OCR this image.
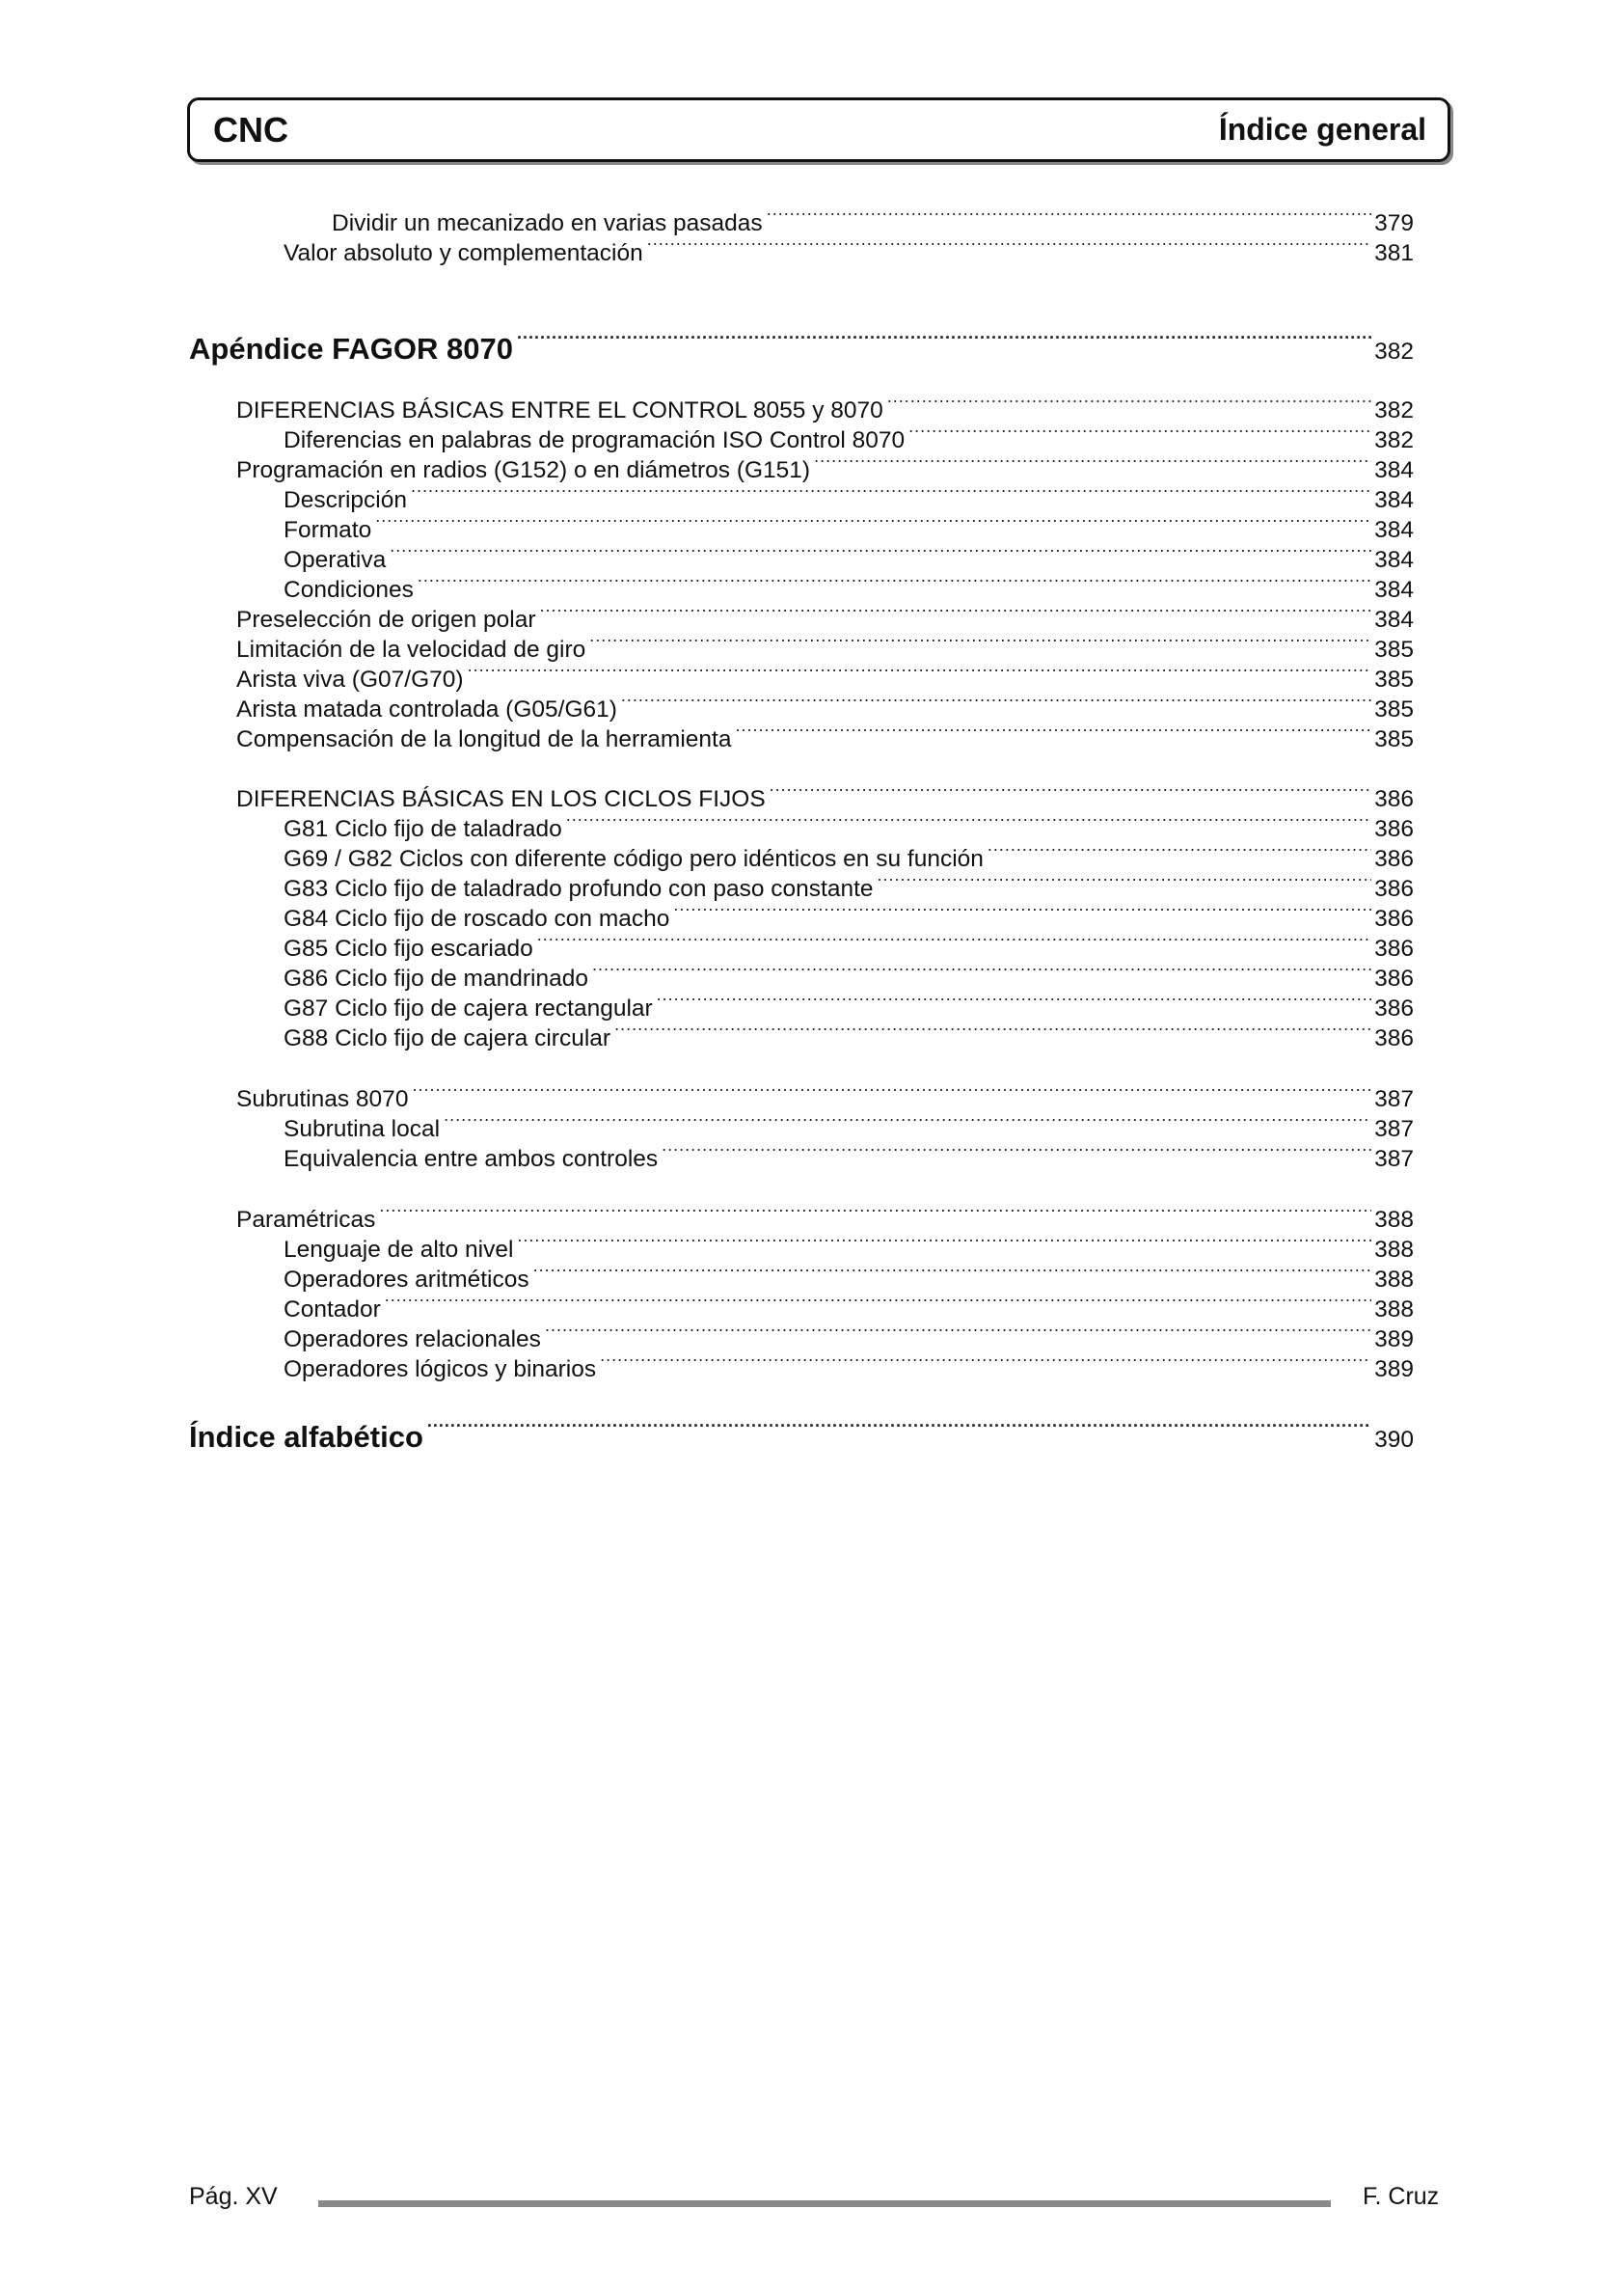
CNC	Índice general
Dividir un mecanizado en varias pasadas .....	379
Valor absoluto y complementación .....	381
Apéndice FAGOR 8070 .....	382
DIFERENCIAS BÁSICAS ENTRE EL CONTROL 8055 y 8070 .....	382
Diferencias en palabras de programación ISO Control 8070 .....	382
Programación en radios (G152) o en diámetros (G151) .....	384
Descripción .....	384
Formato .....	384
Operativa .....	384
Condiciones .....	384
Preselección de origen polar .....	384
Limitación de la velocidad de giro .....	385
Arista viva (G07/G70) .....	385
Arista matada controlada (G05/G61) .....	385
Compensación de la longitud de la herramienta .....	385
DIFERENCIAS BÁSICAS EN LOS CICLOS FIJOS .....	386
G81 Ciclo fijo de taladrado .....	386
G69 / G82 Ciclos con diferente código pero idénticos en su función .....	386
G83 Ciclo fijo de taladrado profundo con paso constante .....	386
G84 Ciclo fijo de roscado con macho .....	386
G85 Ciclo fijo escariado .....	386
G86 Ciclo fijo de mandrinado .....	386
G87 Ciclo fijo de cajera rectangular .....	386
G88 Ciclo fijo de cajera circular .....	386
Subrutinas 8070 .....	387
Subrutina local .....	387
Equivalencia entre ambos controles .....	387
Paramétricas .....	388
Lenguaje de alto nivel .....	388
Operadores aritméticos .....	388
Contador .....	388
Operadores relacionales .....	389
Operadores lógicos y binarios .....	389
Índice alfabético .....	390
Pág. XV	F. Cruz
